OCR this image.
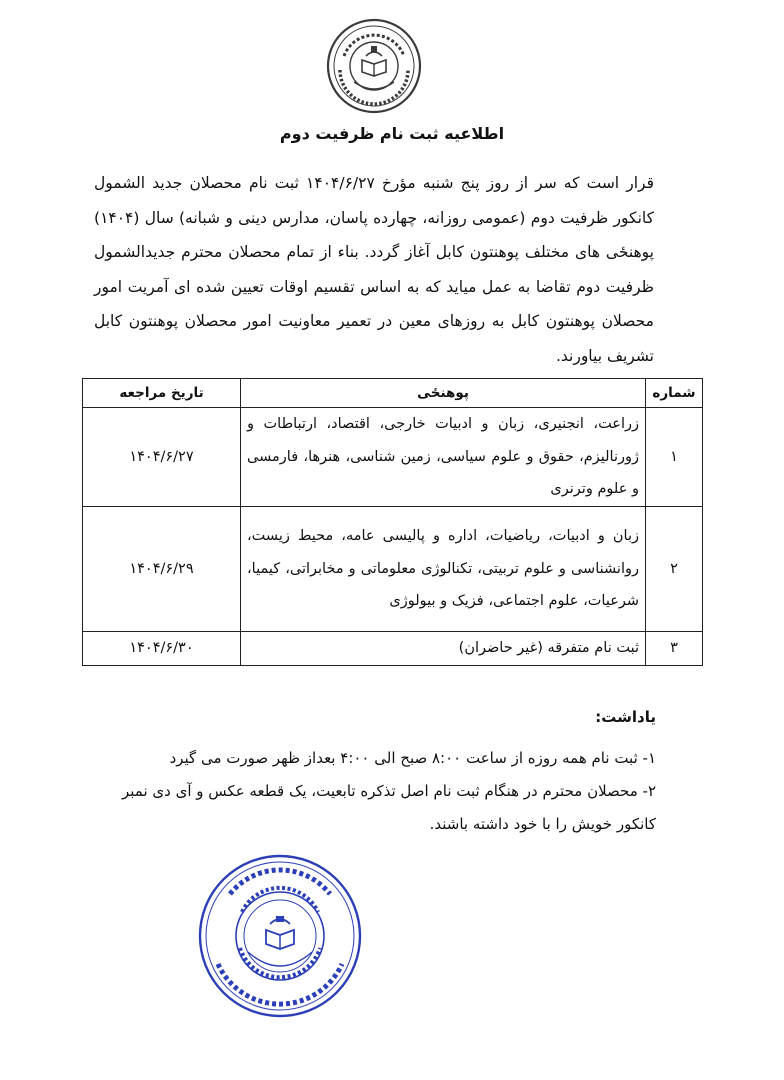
اطلاعیه ثبت نام ظرفیت دوم

قرار است که سر از روز پنج شنبه مؤرخ ۱۴۰۴/۶/۲۷ ثبت نام محصلان جدید الشمول کانکور ظرفیت دوم (عمومی روزانه، چهارده پاسان، مدارس دینی و شبانه) سال (۱۴۰۴) پوهنځی های مختلف پوهنتون کابل آغاز گردد. بناء از تمام محصلان محترم جدیدالشمول ظرفیت دوم تقاضا به عمل میاید که به اساس تقسیم اوقات تعیین شده ای آمریت امور محصلان پوهنتون کابل به روزهای معین در تعمیر معاونیت امور محصلان پوهنتون کابل تشریف بیاورند.

شماره	پوهنځی	تاریخ مراجعه
۱	زراعت، انجنیری، زبان و ادبیات خارجی، اقتصاد، ارتباطات و ژورنالیزم، حقوق و علوم سیاسی، زمین شناسی، هنرها، فارمسی و علوم وترنری	۱۴۰۴/۶/۲۷
۲	زبان و ادبیات، ریاضیات، اداره و پالیسی عامه، محیط زیست، روانشناسی و علوم تربیتی، تکنالوژی معلوماتی و مخابراتی، کیمیا، شرعیات، علوم اجتماعی، فزیک و بیولوژی	۱۴۰۴/۶/۲۹
۳	ثبت نام متفرقه (غیر حاضران)	۱۴۰۴/۶/۳۰
یاداشت:

۱- ثبت نام همه روزه از ساعت ۸:۰۰ صبح الی ۴:۰۰ بعداز ظهر صورت می گیرد

۲- محصلان محترم در هنگام ثبت نام اصل تذکره تابعیت، یک قطعه عکس و آی دی نمبر کانکور خویش را با خود داشته باشند.
